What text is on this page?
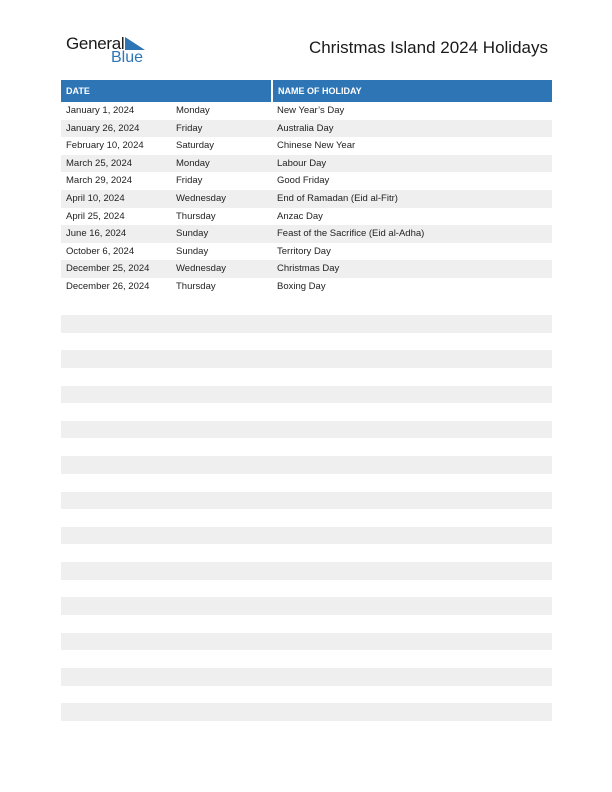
General
Blue
Christmas Island 2024 Holidays
DATE	NAME OF HOLIDAY
January 1, 2024	Monday	New Year’s Day
January 26, 2024	Friday	Australia Day
February 10, 2024	Saturday	Chinese New Year
March 25, 2024	Monday	Labour Day
March 29, 2024	Friday	Good Friday
April 10, 2024	Wednesday	End of Ramadan (Eid al-Fitr)
April 25, 2024	Thursday	Anzac Day
June 16, 2024	Sunday	Feast of the Sacrifice (Eid al-Adha)
October 6, 2024	Sunday	Territory Day
December 25, 2024	Wednesday	Christmas Day
December 26, 2024	Thursday	Boxing Day
